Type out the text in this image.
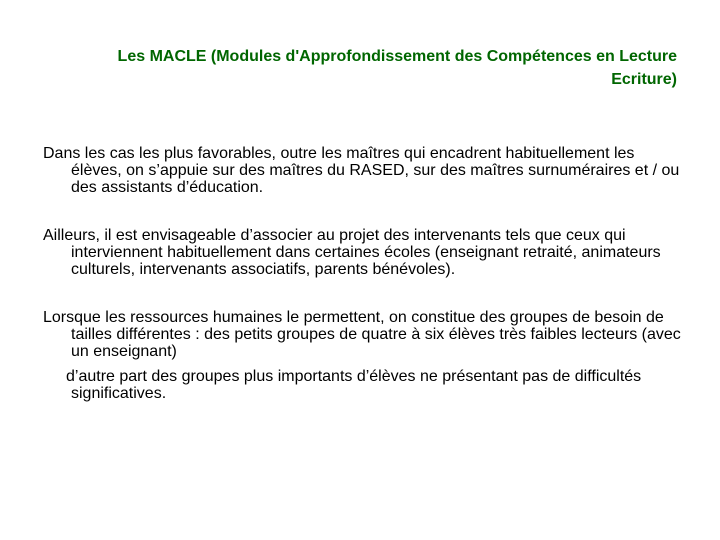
Les MACLE (Modules d'Approfondissement des Compétences en Lecture
Ecriture)

Dans les cas les plus favorables, outre les maîtres qui encadrent habituellement les élèves, on s’appuie sur des maîtres du RASED, sur des maîtres surnuméraires et / ou des assistants d’éducation.

Ailleurs, il est envisageable d’associer au projet des intervenants tels que ceux qui interviennent habituellement dans certaines écoles (enseignant retraité, animateurs culturels, intervenants associatifs, parents bénévoles).

Lorsque les ressources humaines le permettent, on constitue des groupes de besoin de tailles différentes : des petits groupes de quatre à six élèves très faibles lecteurs (avec un enseignant)

d’autre part des groupes plus importants d’élèves ne présentant pas de difficultés significatives.
